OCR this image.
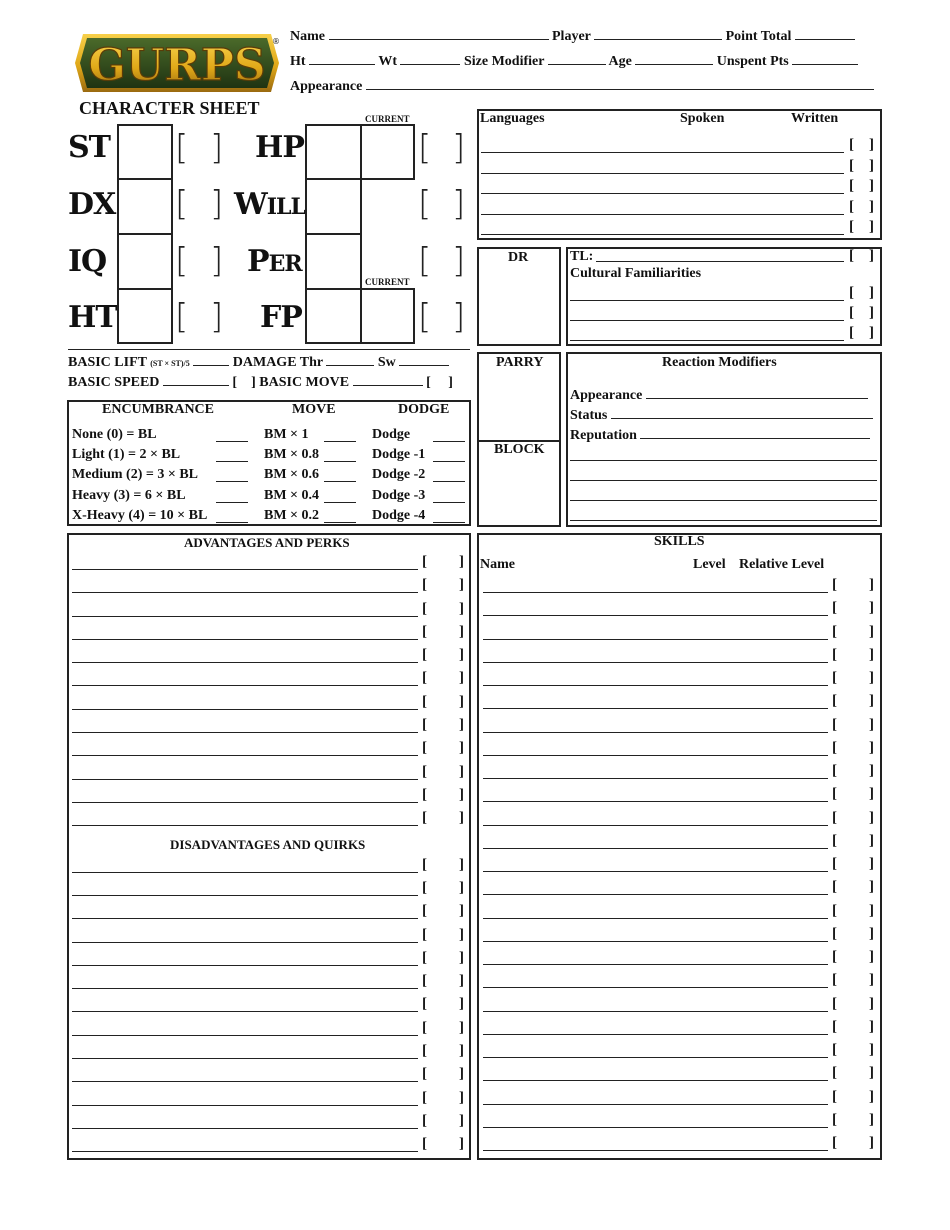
GURPS ®
CHARACTER SHEET
Name	Player	Point Total
Ht	Wt	Size Modifier	Age	Unspent Pts
Appearance
ST
DX
IQ
HT
[ ]
[ ]
[ ]
[ ]
HP
WILL
PER
FP
CURRENT
CURRENT
[ ]
[ ]
[ ]
[ ]
BASIC LIFT (ST × ST)/5	DAMAGE Thr	Sw
BASIC SPEED	[ ] BASIC MOVE	[ ]
ENCUMBRANCE	MOVE	DODGE
None (0) = BL	BM × 1	Dodge
Light (1) = 2 × BL	BM × 0.8	Dodge -1
Medium (2) = 3 × BL	BM × 0.6	Dodge -2
Heavy (3) = 6 × BL	BM × 0.4	Dodge -3
X-Heavy (4) = 10 × BL	BM × 0.2	Dodge -4
Languages	Spoken	Written
[ ]
[ ]
[ ]
[ ]
[ ]
DR	TL:	[ ]
Cultural Familiarities
[ ]
[ ]
[ ]
PARRY
BLOCK
Reaction Modifiers
Appearance
Status
Reputation
ADVANTAGES AND PERKS
DISADVANTAGES AND QUIRKS
[ ]
[ ]
[ ]
[ ]
[ ]
[ ]
[ ]
[ ]
[ ]
[ ]
[ ]
[ ]
[ ]
[ ]
[ ]
[ ]
[ ]
[ ]
[ ]
[ ]
[ ]
[ ]
[ ]
[ ]
[ ]
SKILLS
Name	Level Relative Level
[ ]
[ ]
[ ]
[ ]
[ ]
[ ]
[ ]
[ ]
[ ]
[ ]
[ ]
[ ]
[ ]
[ ]
[ ]
[ ]
[ ]
[ ]
[ ]
[ ]
[ ]
[ ]
[ ]
[ ]
[ ]
